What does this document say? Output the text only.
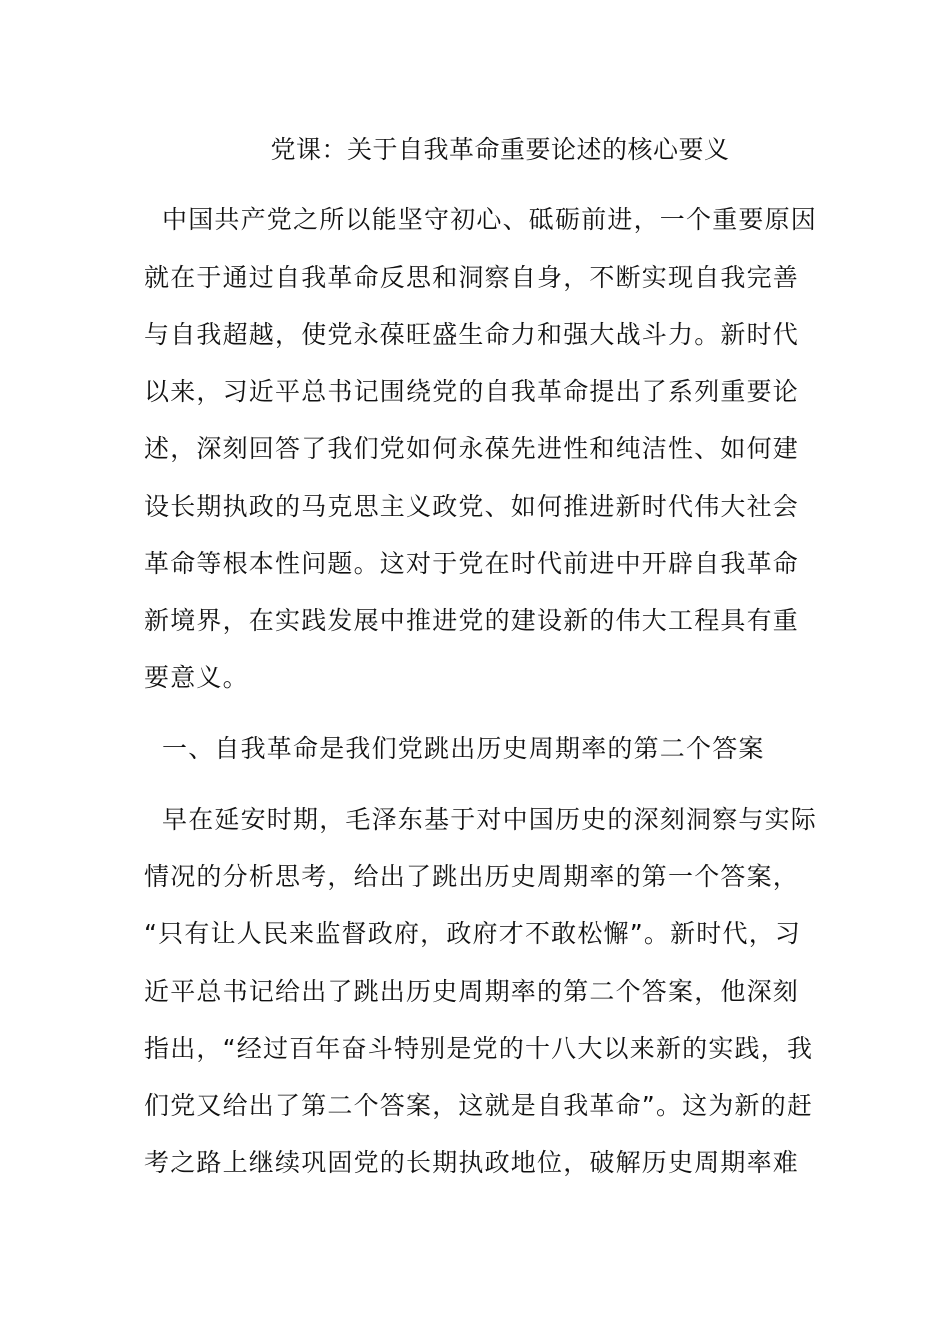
党课：关于自我革命重要论述的核心要义
中国共产党之所以能坚守初心、砥砺前进，一个重要原因
就在于通过自我革命反思和洞察自身，不断实现自我完善
与自我超越，使党永葆旺盛生命力和强大战斗力。新时代
以来，习近平总书记围绕党的自我革命提出了系列重要论
述，深刻回答了我们党如何永葆先进性和纯洁性、如何建
设长期执政的马克思主义政党、如何推进新时代伟大社会
革命等根本性问题。这对于党在时代前进中开辟自我革命
新境界，在实践发展中推进党的建设新的伟大工程具有重
要意义。
一、自我革命是我们党跳出历史周期率的第二个答案
早在延安时期，毛泽东基于对中国历史的深刻洞察与实际
情况的分析思考，给出了跳出历史周期率的第一个答案，
“只有让人民来监督政府，政府才不敢松懈”。新时代，习
近平总书记给出了跳出历史周期率的第二个答案，他深刻
指出，“经过百年奋斗特别是党的十八大以来新的实践，我
们党又给出了第二个答案，这就是自我革命”。这为新的赶
考之路上继续巩固党的长期执政地位，破解历史周期率难
